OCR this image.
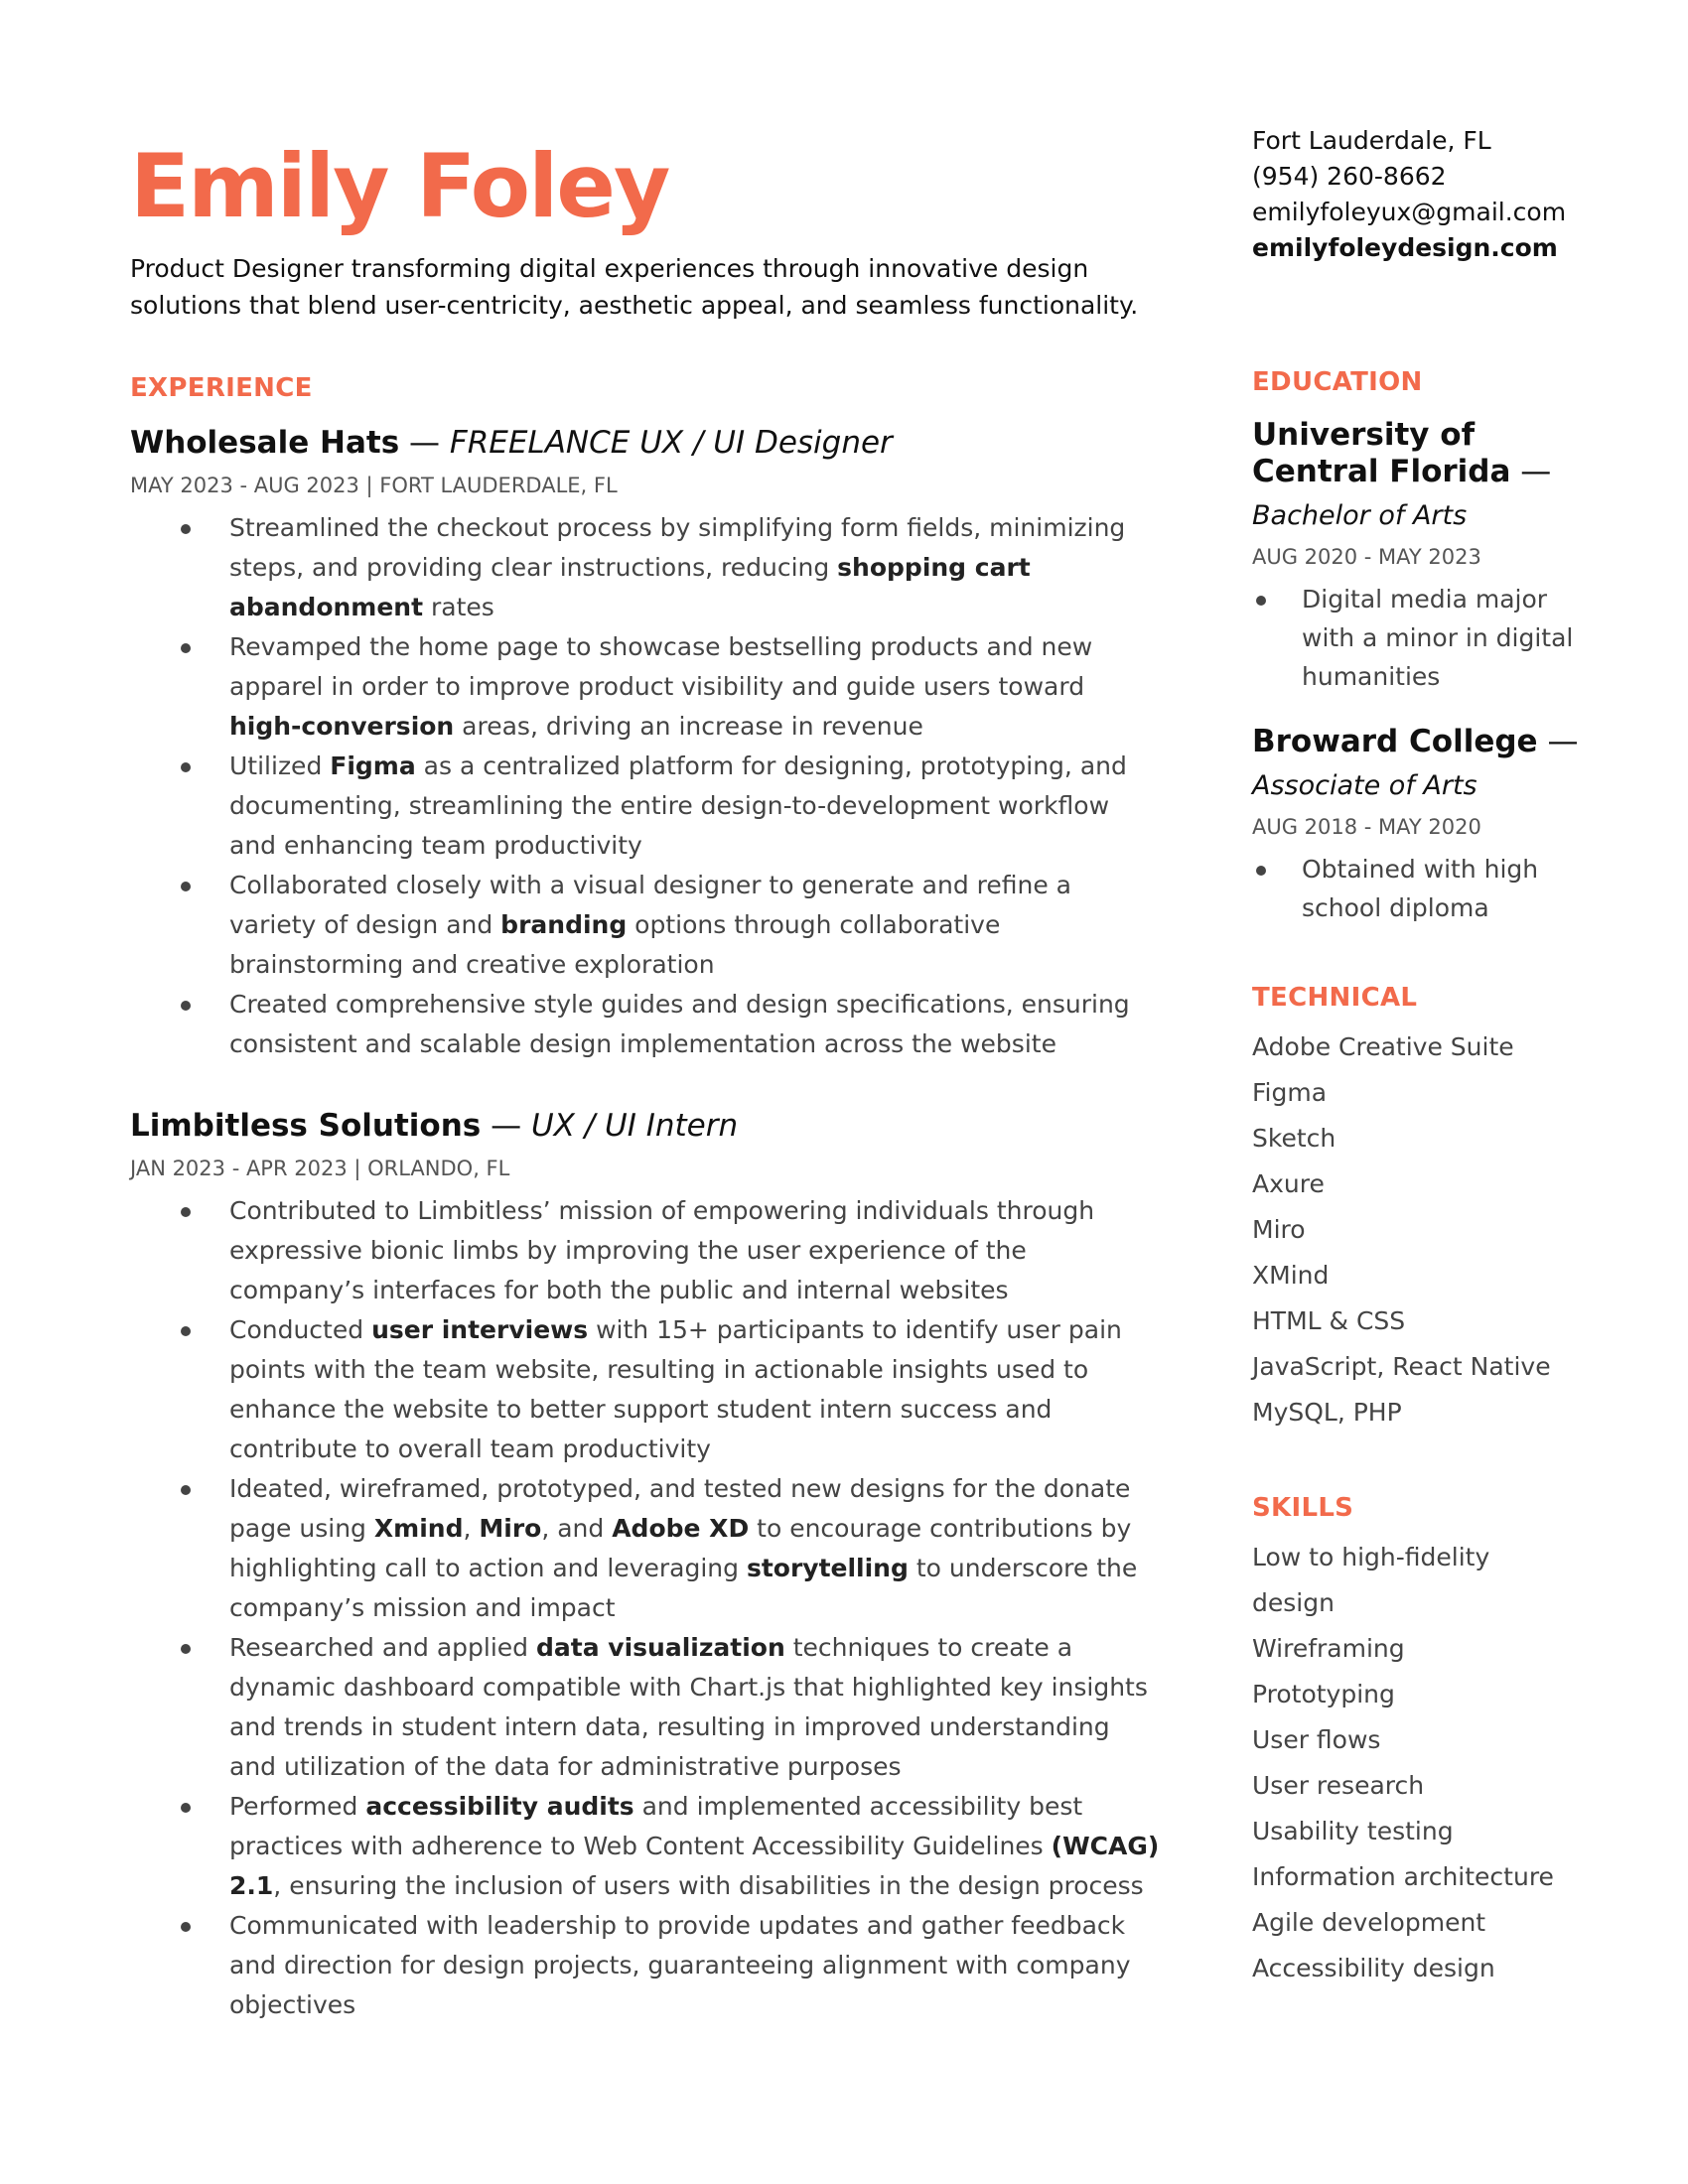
Emily Foley
Product Designer transforming digital experiences through innovative design solutions that blend user-centricity, aesthetic appeal, and seamless functionality.
EXPERIENCE
Wholesale Hats — FREELANCE UX / UI Designer
MAY 2023 - AUG 2023 | FORT LAUDERDALE, FL
Streamlined the checkout process by simplifying form fields, minimizing steps, and providing clear instructions, reducing shopping cart abandonment rates
Revamped the home page to showcase bestselling products and new apparel in order to improve product visibility and guide users toward high-conversion areas, driving an increase in revenue
Utilized Figma as a centralized platform for designing, prototyping, and documenting, streamlining the entire design-to-development workflow and enhancing team productivity
Collaborated closely with a visual designer to generate and refine a variety of design and branding options through collaborative brainstorming and creative exploration
Created comprehensive style guides and design specifications, ensuring consistent and scalable design implementation across the website
Limbitless Solutions — UX / UI Intern
JAN 2023 - APR 2023 | ORLANDO, FL
Contributed to Limbitless’ mission of empowering individuals through expressive bionic limbs by improving the user experience of the company’s interfaces for both the public and internal websites
Conducted user interviews with 15+ participants to identify user pain points with the team website, resulting in actionable insights used to enhance the website to better support student intern success and contribute to overall team productivity
Ideated, wireframed, prototyped, and tested new designs for the donate page using Xmind, Miro, and Adobe XD to encourage contributions by highlighting call to action and leveraging storytelling to underscore the company’s mission and impact
Researched and applied data visualization techniques to create a dynamic dashboard compatible with Chart.js that highlighted key insights and trends in student intern data, resulting in improved understanding and utilization of the data for administrative purposes
Performed accessibility audits and implemented accessibility best practices with adherence to Web Content Accessibility Guidelines (WCAG) 2.1, ensuring the inclusion of users with disabilities in the design process
Communicated with leadership to provide updates and gather feedback and direction for design projects, guaranteeing alignment with company objectives
Fort Lauderdale, FL
(954) 260-8662
emilyfoleyux@gmail.com
emilyfoleydesign.com
EDUCATION
University of Central Florida —
Bachelor of Arts
AUG 2020 - MAY 2023
Digital media major with a minor in digital humanities
Broward College —
Associate of Arts
AUG 2018 - MAY 2020
Obtained with high school diploma
TECHNICAL
Adobe Creative Suite
Figma
Sketch
Axure
Miro
XMind
HTML & CSS
JavaScript, React Native
MySQL, PHP
SKILLS
Low to high-fidelity design
Wireframing
Prototyping
User flows
User research
Usability testing
Information architecture
Agile development
Accessibility design
